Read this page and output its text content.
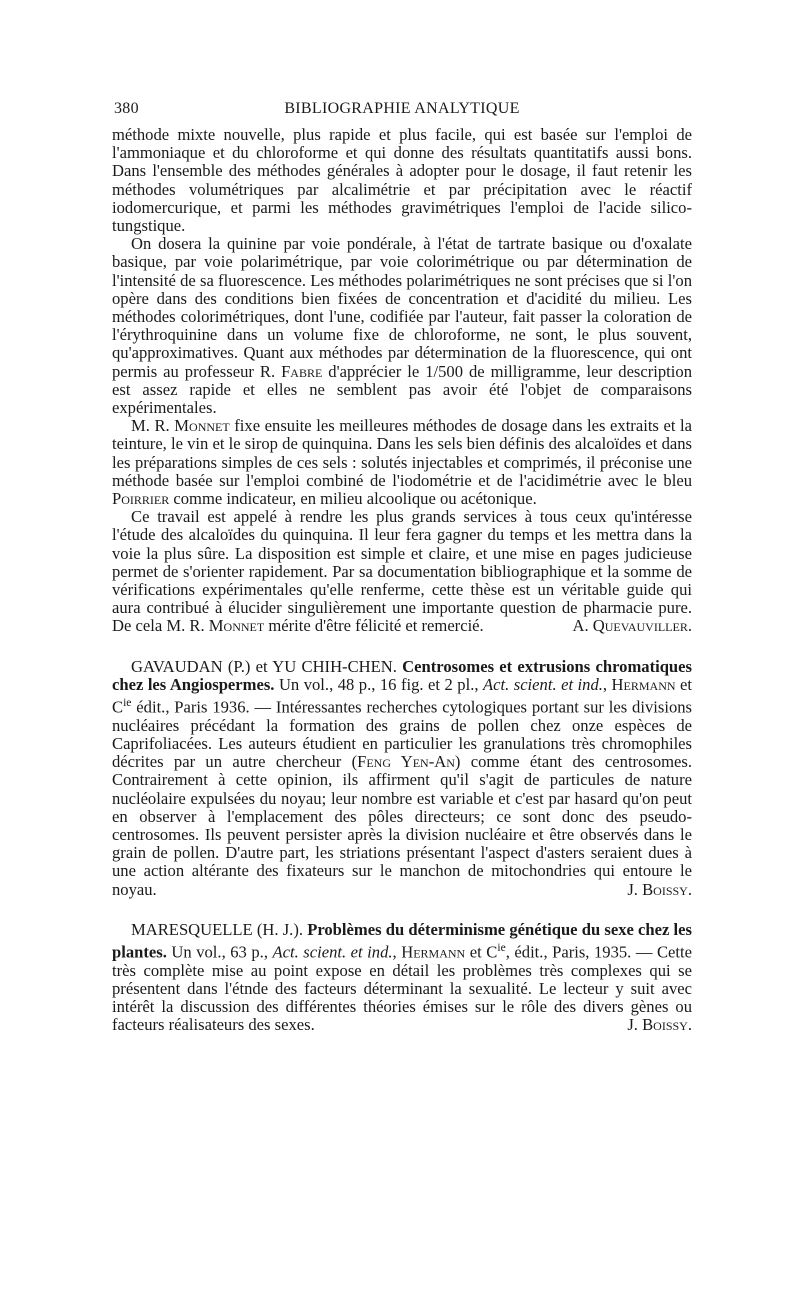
380	BIBLIOGRAPHIE ANALYTIQUE

méthode mixte nouvelle, plus rapide et plus facile, qui est basée sur l'emploi de l'ammoniaque et du chloroforme et qui donne des résultats quantitatifs aussi bons. Dans l'ensemble des méthodes générales à adopter pour le dosage, il faut retenir les méthodes volumétriques par alcalimétrie et par précipitation avec le réactif iodomercurique, et parmi les méthodes gravimétriques l'emploi de l'acide silico-tungstique.

On dosera la quinine par voie pondérale, à l'état de tartrate basique ou d'oxalate basique, par voie polarimétrique, par voie colorimétrique ou par détermination de l'intensité de sa fluorescence. Les méthodes polarimétriques ne sont précises que si l'on opère dans des conditions bien fixées de concentration et d'acidité du milieu. Les méthodes colorimétriques, dont l'une, codifiée par l'auteur, fait passer la coloration de l'érythroquinine dans un volume fixe de chloroforme, ne sont, le plus souvent, qu'approximatives. Quant aux méthodes par détermination de la fluorescence, qui ont permis au professeur R. Fabre d'apprécier le 1/500 de milligramme, leur description est assez rapide et elles ne semblent pas avoir été l'objet de comparaisons expérimentales.

M. R. Monnet fixe ensuite les meilleures méthodes de dosage dans les extraits et la teinture, le vin et le sirop de quinquina. Dans les sels bien définis des alcaloïdes et dans les préparations simples de ces sels : solutés injectables et comprimés, il préconise une méthode basée sur l'emploi combiné de l'iodométrie et de l'acidimétrie avec le bleu Poirrier comme indicateur, en milieu alcoolique ou acétonique.

Ce travail est appelé à rendre les plus grands services à tous ceux qu'intéresse l'étude des alcaloïdes du quinquina. Il leur fera gagner du temps et les mettra dans la voie la plus sûre. La disposition est simple et claire, et une mise en pages judicieuse permet de s'orienter rapidement. Par sa documentation bibliographique et la somme de vérifications expérimentales qu'elle renferme, cette thèse est un véritable guide qui aura contribué à élucider singulièrement une importante question de pharmacie pure. De cela M. R. Monnet mérite d'être félicité et remercié.	A. Quevauviller.

GAVAUDAN (P.) et YU CHIH-CHEN. Centrosomes et extrusions chromatiques chez les Angiospermes. Un vol., 48 p., 16 fig. et 2 pl., Act. scient. et ind., Hermann et $C^{ie}$ édit., Paris 1936. — Intéressantes recherches cytologiques portant sur les divisions nucléaires précédant la formation des grains de pollen chez onze espèces de Caprifoliacées. Les auteurs étudient en particulier les granulations très chromophiles décrites par un autre chercheur (Feng Yen-An) comme étant des centrosomes. Contrairement à cette opinion, ils affirment qu'il s'agit de particules de nature nucléolaire expulsées du noyau; leur nombre est variable et c'est par hasard qu'on peut en observer à l'emplacement des pôles directeurs; ce sont donc des pseudo-centrosomes. Ils peuvent persister après la division nucléaire et être observés dans le grain de pollen. D'autre part, les striations présentant l'aspect d'asters seraient dues à une action altérante des fixateurs sur le manchon de mitochondries qui entoure le noyau.	J. Boissy.

MARESQUELLE (H. J.). Problèmes du déterminisme génétique du sexe chez les plantes. Un vol., 63 p., Act. scient. et ind., Hermann et $C^{ie}$, édit., Paris, 1935. — Cette très complète mise au point expose en détail les problèmes très complexes qui se présentent dans l'étnde des facteurs déterminant la sexualité. Le lecteur y suit avec intérêt la discussion des différentes théories émises sur le rôle des divers gènes ou facteurs réalisateurs des sexes.	J. Boissy.
